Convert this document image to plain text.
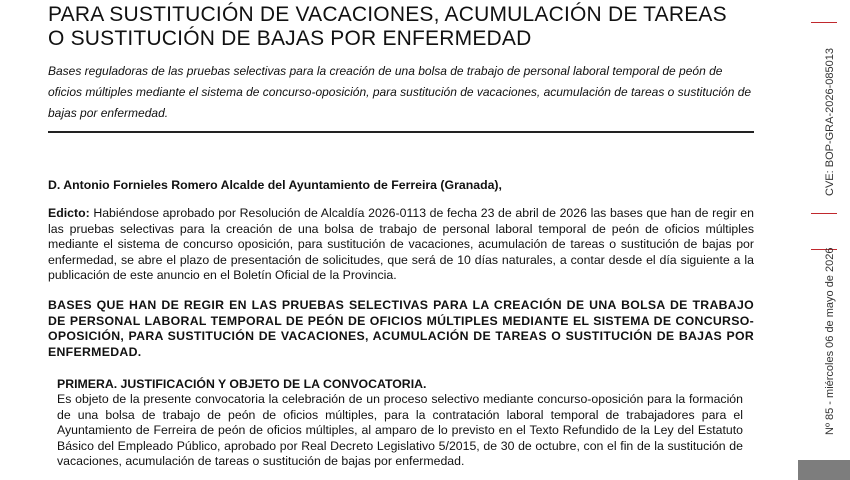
PARA SUSTITUCIÓN DE VACACIONES, ACUMULACIÓN DE TAREAS
O SUSTITUCIÓN DE BAJAS POR ENFERMEDAD
Bases reguladoras de las pruebas selectivas para la creación de una bolsa de trabajo de personal laboral temporal de peón de oficios múltiples mediante el sistema de concurso-oposición, para sustitución de vacaciones, acumulación de tareas o sustitución de bajas por enfermedad.
D. Antonio Fornieles Romero Alcalde del Ayuntamiento de Ferreira (Granada),
Edicto: Habiéndose aprobado por Resolución de Alcaldía 2026-0113 de fecha 23 de abril de 2026 las bases que han de regir en las pruebas selectivas para la creación de una bolsa de trabajo de personal laboral temporal de peón de oficios múltiples mediante el sistema de concurso oposición, para sustitución de vacaciones, acumulación de tareas o sustitución de bajas por enfermedad, se abre el plazo de presentación de solicitudes, que será de 10 días naturales, a contar desde el día siguiente a la publicación de este anuncio en el Boletín Oficial de la Provincia.
BASES QUE HAN DE REGIR EN LAS PRUEBAS SELECTIVAS PARA LA CREACIÓN DE UNA BOLSA DE TRABAJO DE PERSONAL LABORAL TEMPORAL DE PEÓN DE OFICIOS MÚLTIPLES MEDIANTE EL SISTEMA DE CONCURSO-OPOSICIÓN, PARA SUSTITUCIÓN DE VACACIONES, ACUMULACIÓN DE TAREAS O SUSTITUCIÓN DE BAJAS POR ENFERMEDAD.
PRIMERA. JUSTIFICACIÓN Y OBJETO DE LA CONVOCATORIA.
Es objeto de la presente convocatoria la celebración de un proceso selectivo mediante concurso-oposición para la formación de una bolsa de trabajo de peón de oficios múltiples, para la contratación laboral temporal de trabajadores para el Ayuntamiento de Ferreira de peón de oficios múltiples, al amparo de lo previsto en el Texto Refundido de la Ley del Estatuto Básico del Empleado Público, aprobado por Real Decreto Legislativo 5/2015, de 30 de octubre, con el fin de la sustitución de vacaciones, acumulación de tareas o sustitución de bajas por enfermedad.
CVE: BOP-GRA-2026-085013
Nº 85 - miércoles 06 de mayo de 2026
